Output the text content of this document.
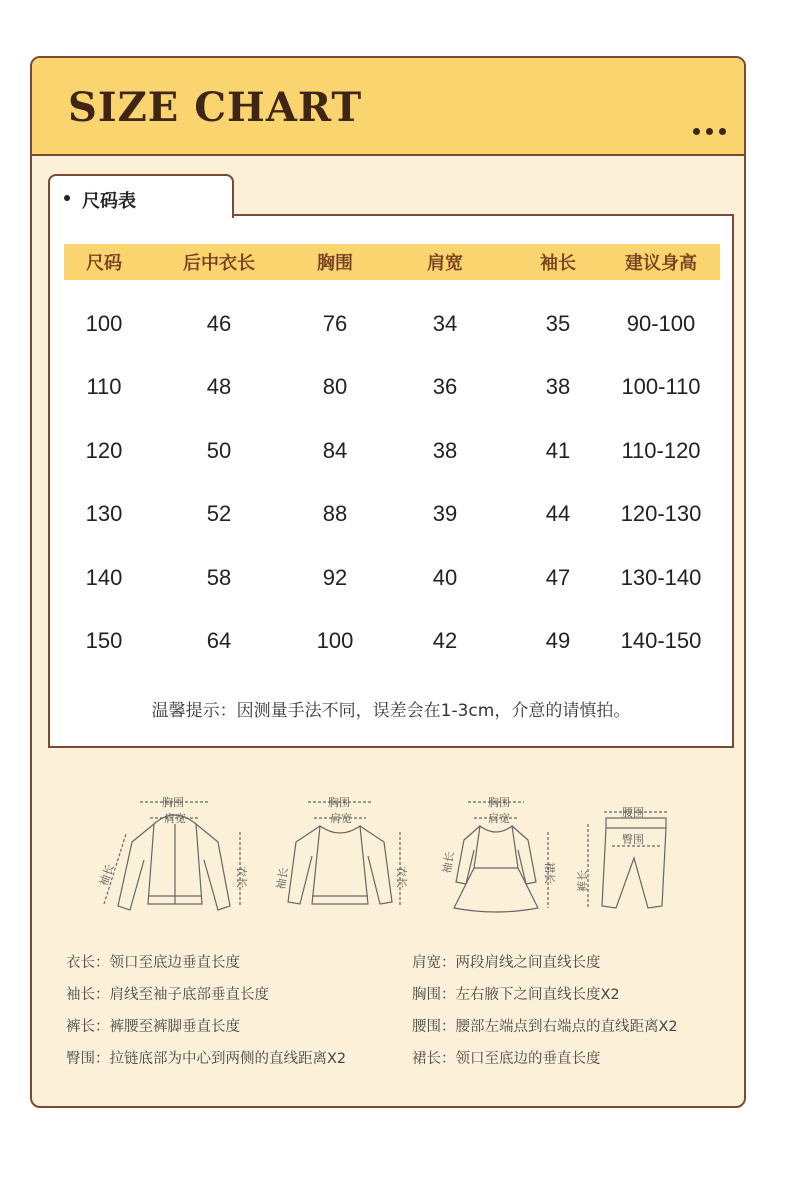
SIZE CHART
尺码表
尺码	后中衣长	胸围	肩宽	袖长	建议身高
100	46	76	34	35	90-100
110	48	80	36	38	100-110
120	50	84	38	41	110-120
130	52	88	39	44	120-130
140	58	92	40	47	130-140
150	64	100	42	49	140-150
温馨提示：因测量手法不同，误差会在1-3cm，介意的请慎拍。
胸围
肩宽
袖长	衣长
胸围
肩宽
袖长	衣长
胸围
肩宽
袖长	裙长
腰围
臀围
裤长
衣长：领口至底边垂直长度	肩宽：两段肩线之间直线长度
袖长：肩线至袖子底部垂直长度	胸围：左右腋下之间直线长度X2
裤长：裤腰至裤脚垂直长度	腰围：腰部左端点到右端点的直线距离X2
臀围：拉链底部为中心到两侧的直线距离X2	裙长：领口至底边的垂直长度
